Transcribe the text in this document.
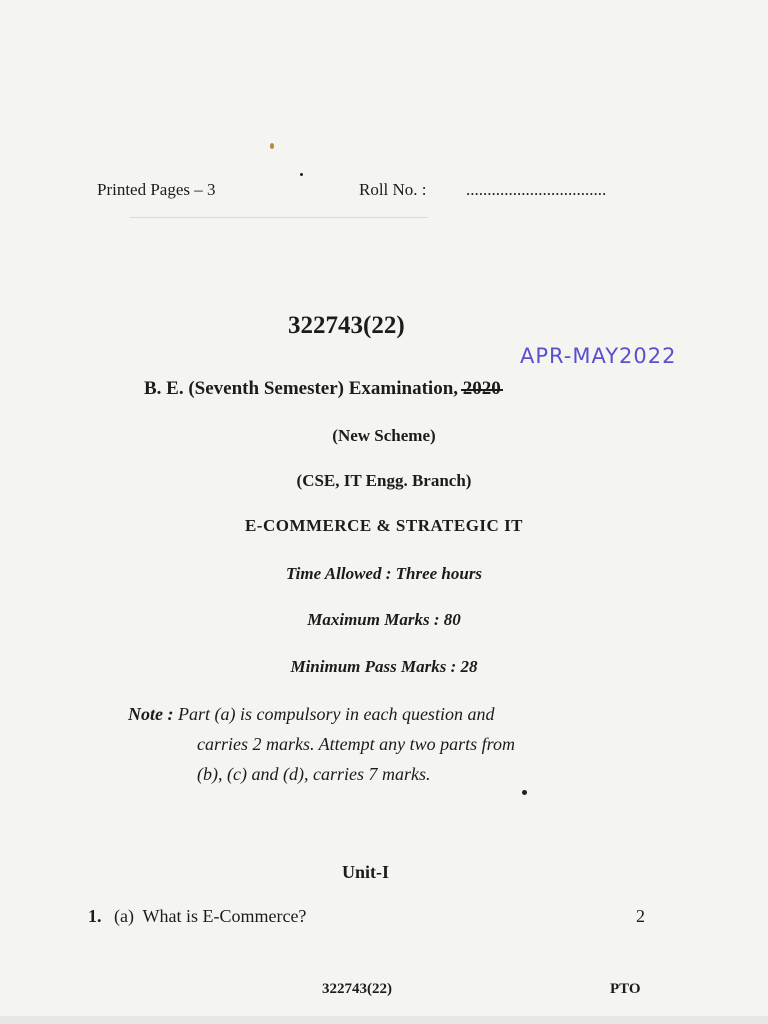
​────────────────────────────
Printed Pages – 3	Roll No. : .................................
322743(22)
APR-MAY2022
B. E. (Seventh Semester) Examination, 2020
(New Scheme)
(CSE, IT Engg. Branch)
E-COMMERCE & STRATEGIC IT
Time Allowed : Three hours
Maximum Marks : 80
Minimum Pass Marks : 28
Note : Part (a) is compulsory in each question and
carries 2 marks. Attempt any two parts from
(b), (c) and (d), carries 7 marks.
Unit-I
1. (a) What is E-Commerce?	2
322743(22)	PTO
